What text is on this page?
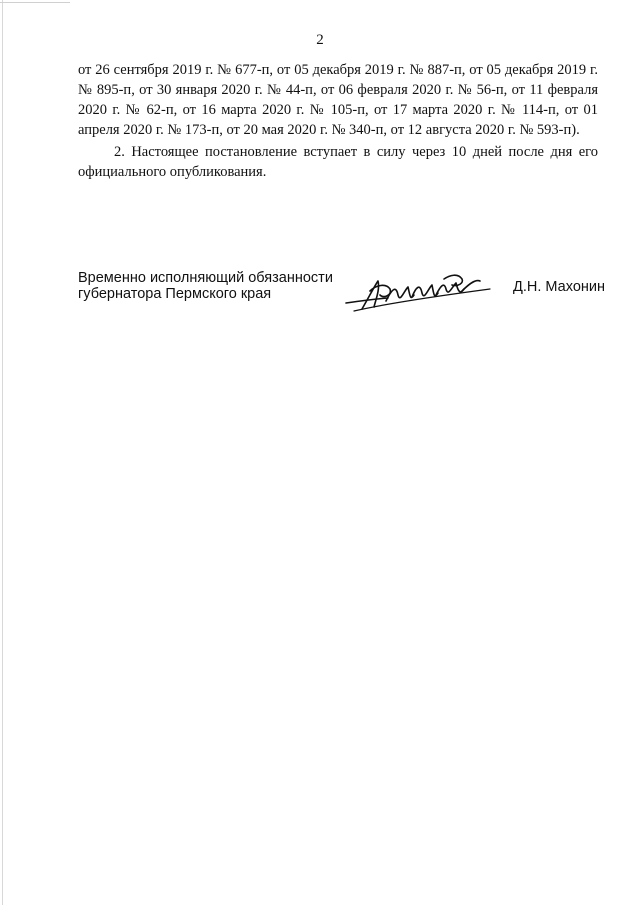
2

от 26 сентября 2019 г. № 677-п, от 05 декабря 2019 г. № 887-п, от 05 декабря 2019 г. № 895-п, от 30 января 2020 г. № 44-п, от 06 февраля 2020 г. № 56-п, от 11 февраля 2020 г. № 62-п, от 16 марта 2020 г. № 105-п, от 17 марта 2020 г. № 114-п, от 01 апреля 2020 г. № 173-п, от 20 мая 2020 г. № 340-п, от 12 августа 2020 г. № 593-п).

2. Настоящее постановление вступает в силу через 10 дней после дня его официального опубликования.

Временно исполняющий обязанности
губернатора Пермского края	Д.Н. Махонин
